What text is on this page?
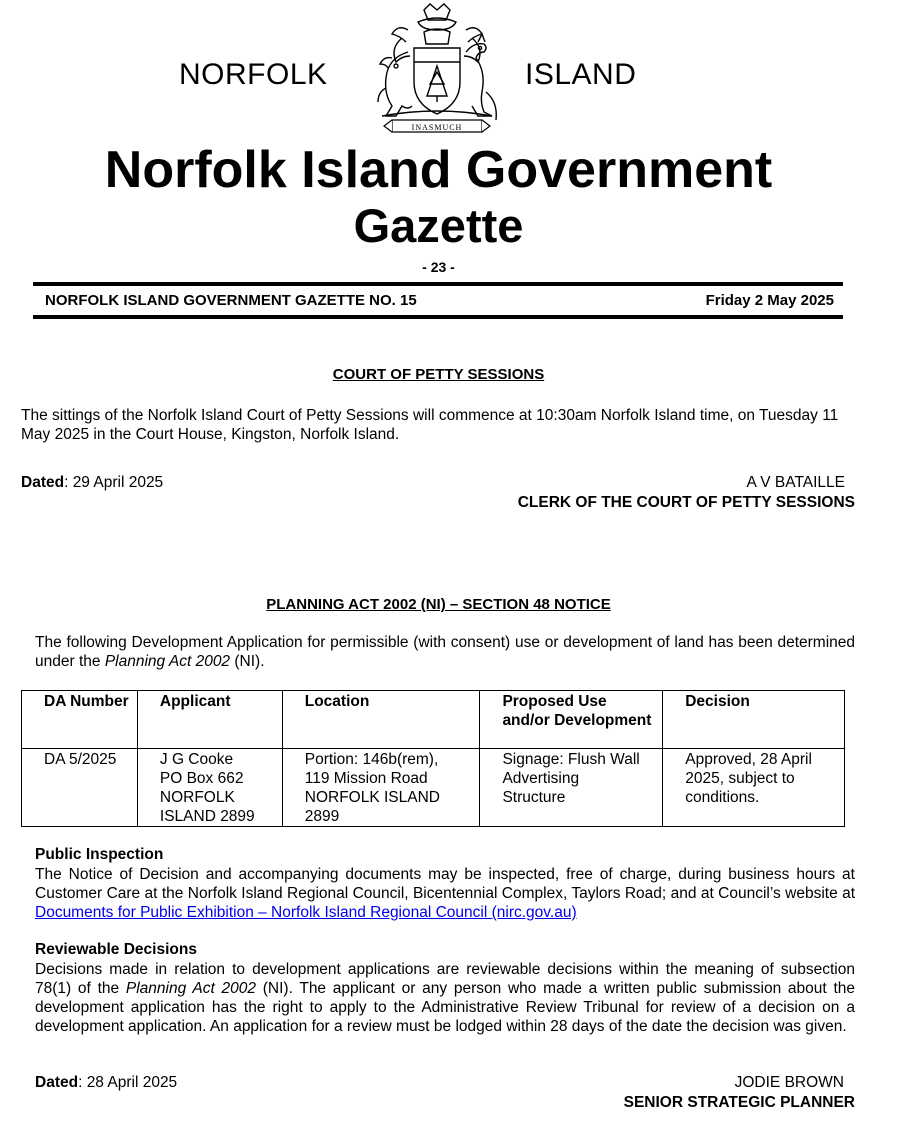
NORFOLK
INASMUCH
ISLAND
Norfolk Island Government
Gazette
- 23 -
NORFOLK ISLAND GOVERNMENT GAZETTE NO. 15	Friday 2 May 2025
COURT OF PETTY SESSIONS
The sittings of the Norfolk Island Court of Petty Sessions will commence at 10:30am Norfolk Island time, on Tuesday 11 May 2025 in the Court House, Kingston, Norfolk Island.
Dated: 29 April 2025	A V BATAILLE
CLERK OF THE COURT OF PETTY SESSIONS
PLANNING ACT 2002 (NI) – SECTION 48 NOTICE
The following Development Application for permissible (with consent) use or development of land has been determined under the Planning Act 2002 (NI).
DA Number	Applicant	Location	Proposed Use and/or Development	Decision
DA 5/2025	J G Cooke
PO Box 662
NORFOLK
ISLAND 2899	Portion: 146b(rem),
119 Mission Road
NORFOLK ISLAND
2899	Signage: Flush Wall
Advertising
Structure	Approved, 28 April 2025, subject to conditions.
Public Inspection
The Notice of Decision and accompanying documents may be inspected, free of charge, during business hours at Customer Care at the Norfolk Island Regional Council, Bicentennial Complex, Taylors Road; and at Council’s website at Documents for Public Exhibition – Norfolk Island Regional Council (nirc.gov.au)
Reviewable Decisions
Decisions made in relation to development applications are reviewable decisions within the meaning of subsection 78(1) of the Planning Act 2002 (NI). The applicant or any person who made a written public submission about the development application has the right to apply to the Administrative Review Tribunal for review of a decision on a development application. An application for a review must be lodged within 28 days of the date the decision was given.
Dated: 28 April 2025	JODIE BROWN
SENIOR STRATEGIC PLANNER
